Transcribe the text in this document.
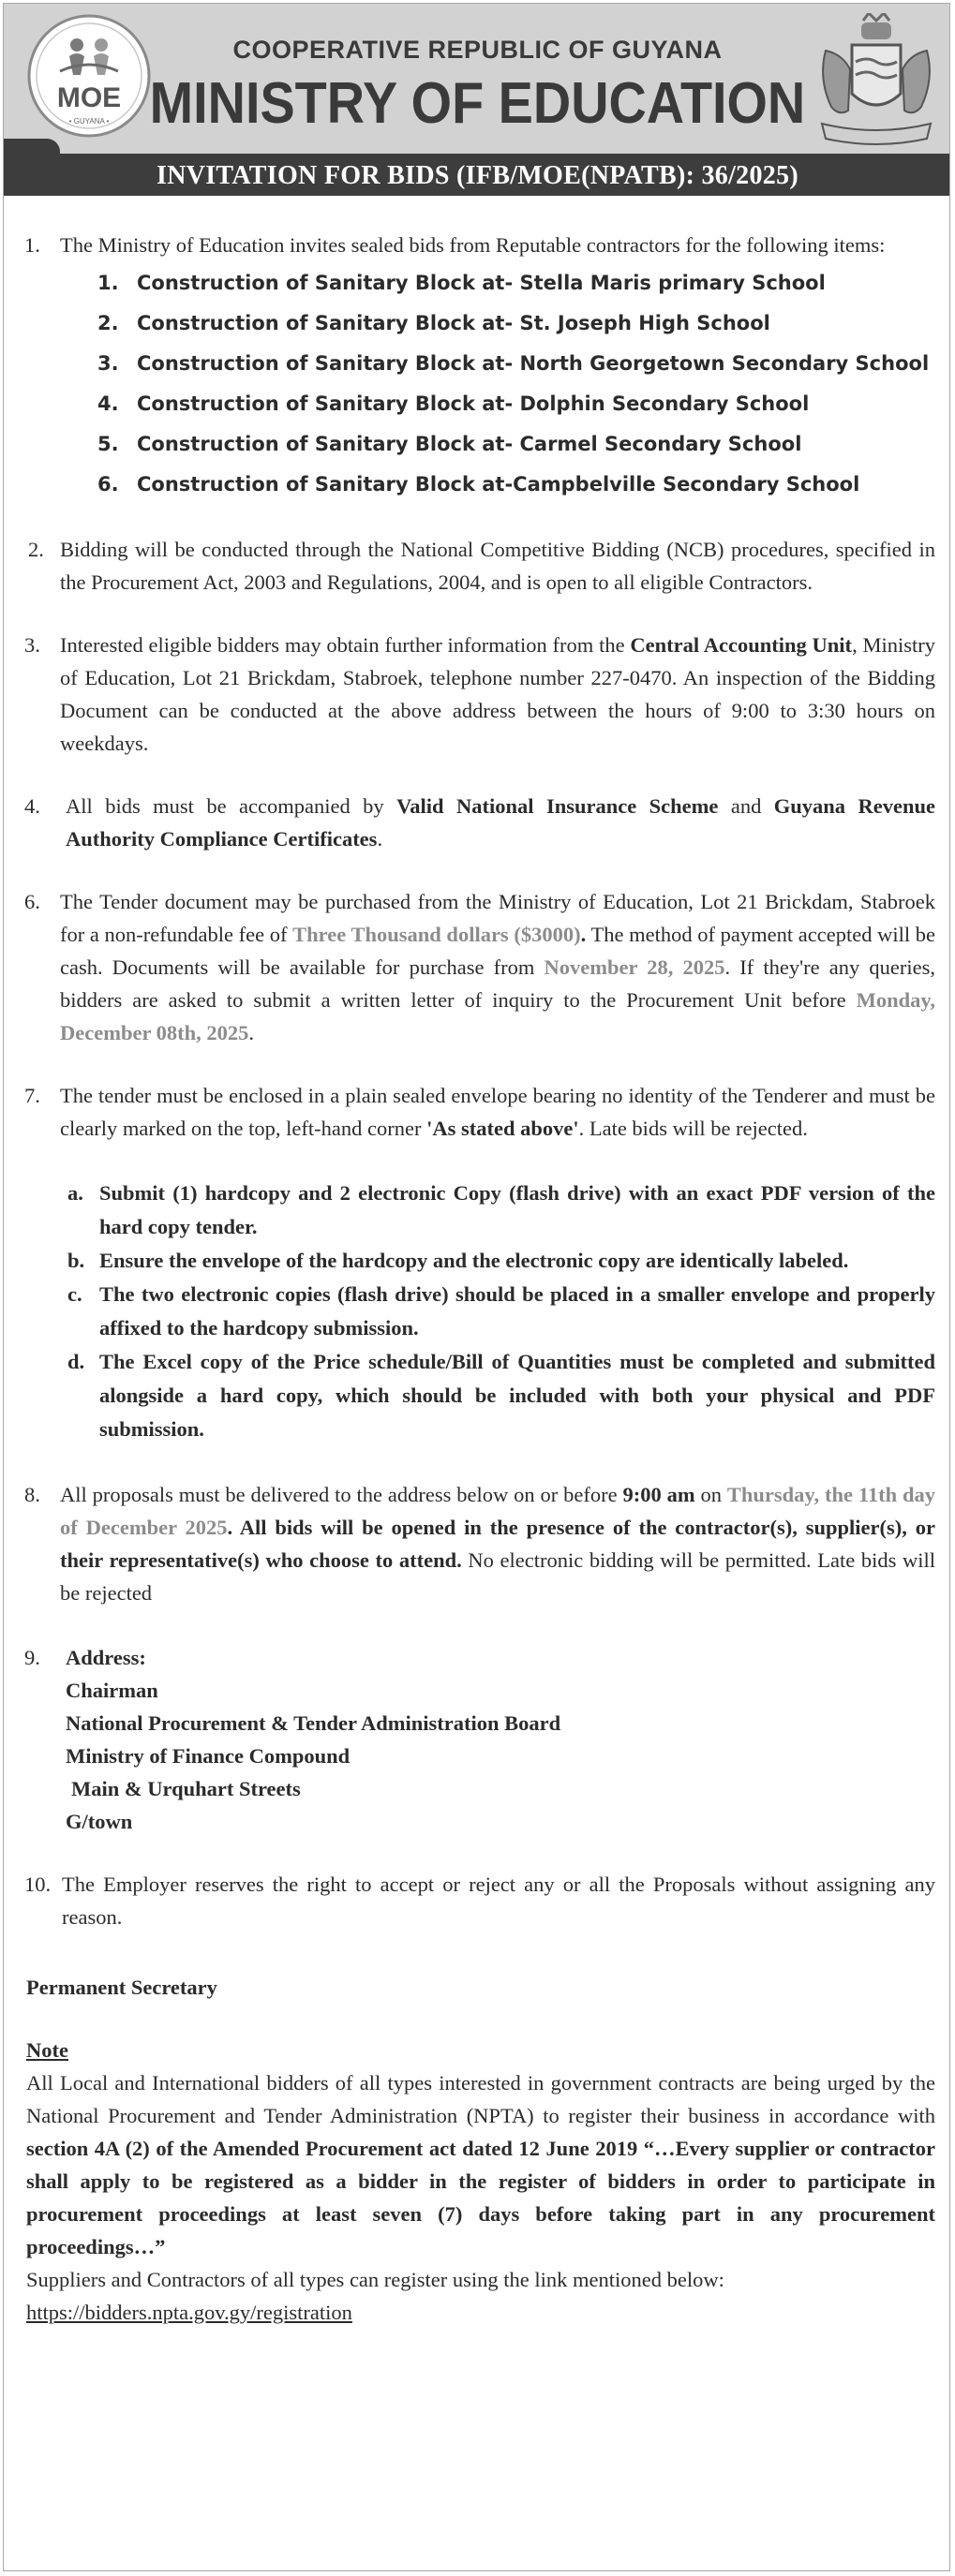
MOE
• GUYANA •
COOPERATIVE REPUBLIC OF GUYANA
MINISTRY OF EDUCATION
INVITATION FOR BIDS (IFB/MOE(NPATB): 36/2025)
1. The Ministry of Education invites sealed bids from Reputable contractors for the following items:
1. Construction of Sanitary Block at- Stella Maris primary School
2. Construction of Sanitary Block at- St. Joseph High School
3. Construction of Sanitary Block at- North Georgetown Secondary School
4. Construction of Sanitary Block at- Dolphin Secondary School
5. Construction of Sanitary Block at- Carmel Secondary School
6. Construction of Sanitary Block at-Campbelville Secondary School
2. Bidding will be conducted through the National Competitive Bidding (NCB) procedures, specified in the Procurement Act, 2003 and Regulations, 2004, and is open to all eligible Contractors.
3. Interested eligible bidders may obtain further information from the Central Accounting Unit, Ministry of Education, Lot 21 Brickdam, Stabroek, telephone number 227-0470. An inspection of the Bidding Document can be conducted at the above address between the hours of 9:00 to 3:30 hours on weekdays.
4. All bids must be accompanied by Valid National Insurance Scheme and Guyana Revenue Authority Compliance Certificates.
6. The Tender document may be purchased from the Ministry of Education, Lot 21 Brickdam, Stabroek for a non-refundable fee of Three Thousand dollars ($3000). The method of payment accepted will be cash. Documents will be available for purchase from November 28, 2025. If they're any queries, bidders are asked to submit a written letter of inquiry to the Procurement Unit before Monday, December 08th, 2025.
7. The tender must be enclosed in a plain sealed envelope bearing no identity of the Tenderer and must be clearly marked on the top, left-hand corner 'As stated above'. Late bids will be rejected.
a. Submit (1) hardcopy and 2 electronic Copy (flash drive) with an exact PDF version of the hard copy tender.
b. Ensure the envelope of the hardcopy and the electronic copy are identically labeled.
c. The two electronic copies (flash drive) should be placed in a smaller envelope and properly affixed to the hardcopy submission.
d. The Excel copy of the Price schedule/Bill of Quantities must be completed and submitted alongside a hard copy, which should be included with both your physical and PDF submission.
8. All proposals must be delivered to the address below on or before 9:00 am on Thursday, the 11th day of December 2025. All bids will be opened in the presence of the contractor(s), supplier(s), or their representative(s) who choose to attend. No electronic bidding will be permitted. Late bids will be rejected
9. Address:
Chairman
National Procurement & Tender Administration Board
Ministry of Finance Compound
Main & Urquhart Streets
G/town
10. The Employer reserves the right to accept or reject any or all the Proposals without assigning any reason.
Permanent Secretary
Note
All Local and International bidders of all types interested in government contracts are being urged by the National Procurement and Tender Administration (NPTA) to register their business in accordance with section 4A (2) of the Amended Procurement act dated 12 June 2019 “…Every supplier or contractor shall apply to be registered as a bidder in the register of bidders in order to participate in procurement proceedings at least seven (7) days before taking part in any procurement proceedings…”
Suppliers and Contractors of all types can register using the link mentioned below:
https://bidders.npta.gov.gy/registration
